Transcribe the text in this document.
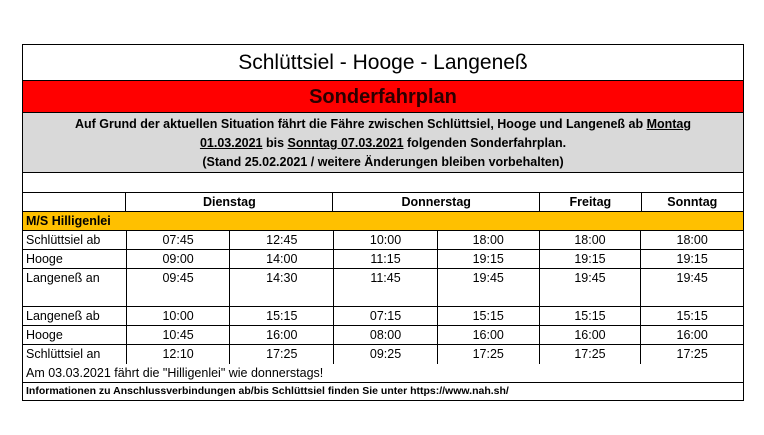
Schlüttsiel - Hooge - Langeneß
Sonderfahrplan
Auf Grund der aktuellen Situation fährt die Fähre zwischen Schlüttsiel, Hooge und Langeneß ab Montag
01.03.2021 bis Sonntag 07.03.2021 folgenden Sonderfahrplan.
(Stand 25.02.2021 / weitere Änderungen bleiben vorbehalten)
Dienstag	Donnerstag	Freitag	Sonntag
M/S Hilligenlei
Schlüttsiel ab	07:45	12:45	10:00	18:00	18:00	18:00
Hooge	09:00	14:00	11:15	19:15	19:15	19:15
Langeneß an	09:45	14:30	11:45	19:45	19:45	19:45
Langeneß ab	10:00	15:15	07:15	15:15	15:15	15:15
Hooge	10:45	16:00	08:00	16:00	16:00	16:00
Schlüttsiel an	12:10	17:25	09:25	17:25	17:25	17:25
Am 03.03.2021 fährt die "Hilligenlei" wie donnerstags!
Informationen zu Anschlussverbindungen ab/bis Schlüttsiel finden Sie unter https://www.nah.sh/
